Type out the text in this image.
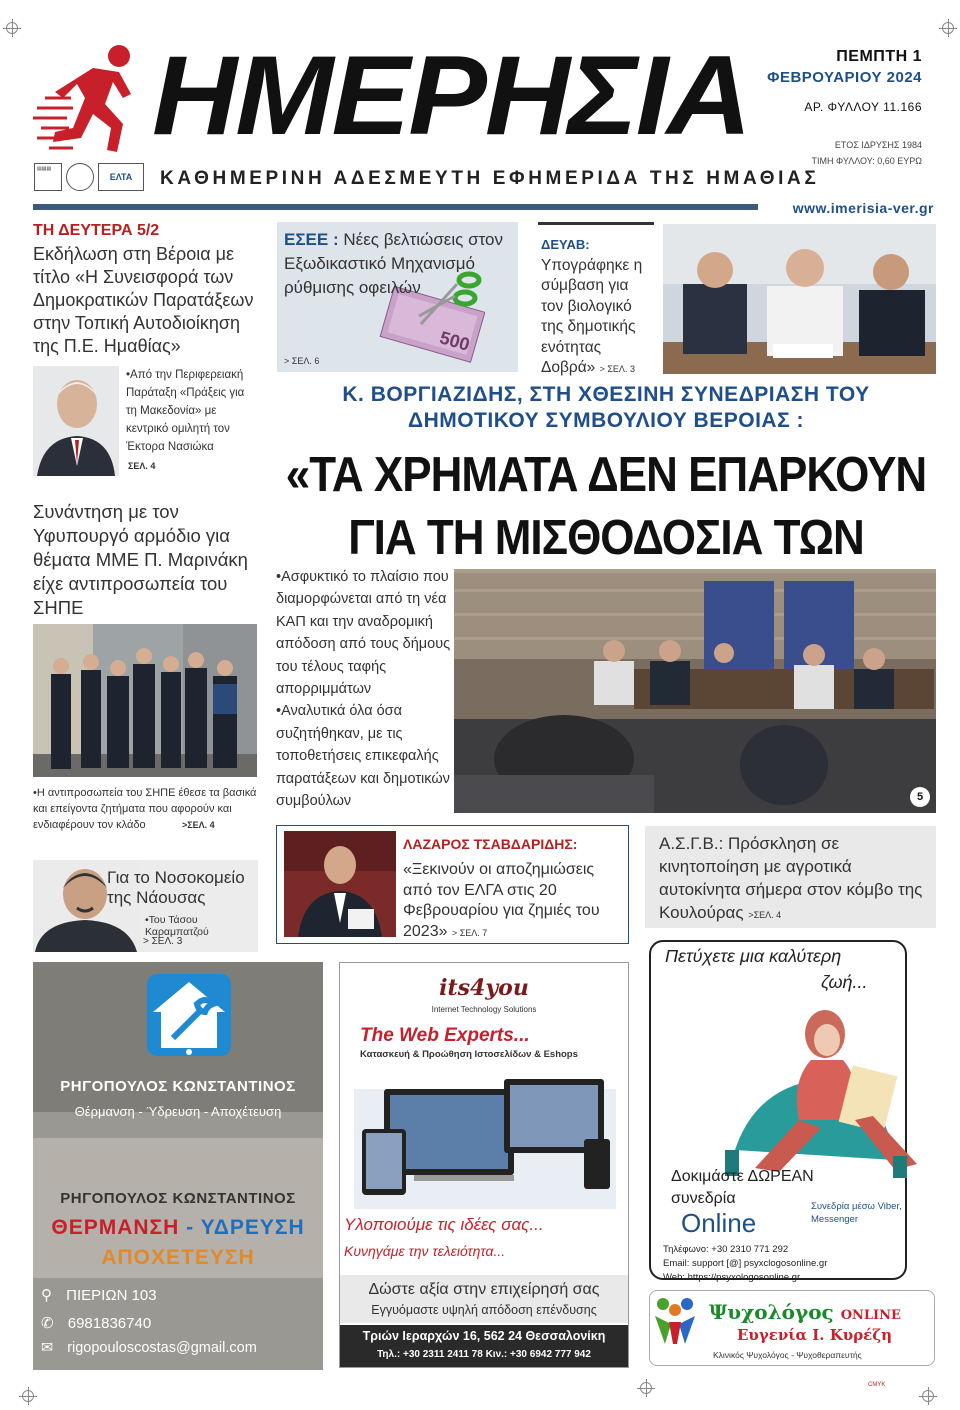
ΗΜΕΡΗΣΙΑ
▤▤▤
ΕΛΤΑ	ΚΑΘΗΜΕΡΙΝΗ ΑΔΕΣΜΕΥΤΗ ΕΦΗΜΕΡΙΔΑ ΤΗΣ ΗΜΑΘΙΑΣ
ΠΕΜΠΤΗ 1
ΦΕΒΡΟΥΑΡΙΟΥ 2024
ΑΡ. ΦΥΛΛΟΥ 11.166
ΕΤΟΣ ΙΔΡΥΣΗΣ 1984
ΤΙΜΗ ΦΥΛΛΟΥ: 0,60 ΕΥΡΩ
www.imerisia-ver.gr
ΤΗ ΔΕΥΤΕΡΑ 5/2
Εκδήλωση στη Βέροια με τίτλο «Η Συνεισφορά των Δημοκρατικών Παρατάξεων στην Τοπική Αυτοδιοίκηση της Π.Ε. Ημαθίας»
•Από την Περιφερειακή Παράταξη «Πράξεις για τη Μακεδονία» με κεντρικό ομιλητή τον Έκτορα Νασιώκα
ΣΕΛ. 4
Συνάντηση με τον Υφυπουργό αρμόδιο για θέματα ΜΜΕ Π. Μαρινάκη είχε αντιπροσωπεία του ΣΗΠΕ
•Η αντιπροσωπεία του ΣΗΠΕ έθεσε τα βασικά και επείγοντα ζητήματα που αφορούν και ενδιαφέρουν τον κλάδο	>ΣΕΛ. 4
Για το Νοσοκομείο της Νάουσας
•Του Τάσου Καραμπατζού
> ΣΕΛ. 3
500
ΕΣΕΕ : Νέες βελτιώσεις στον Εξωδικαστικό Μηχανισμό ρύθμισης οφειλών
> ΣΕΛ. 6
ΔΕΥΑΒ:
Υπογράφηκε η σύμβαση για τον βιολογικό της δημοτικής ενότητας Δοβρά» > ΣΕΛ. 3
Κ. ΒΟΡΓΙΑΖΙΔΗΣ, ΣΤΗ ΧΘΕΣΙΝΗ ΣΥΝΕΔΡΙΑΣΗ ΤΟΥ ΔΗΜΟΤΙΚΟΥ ΣΥΜΒΟΥΛΙΟΥ ΒΕΡΟΙΑΣ :
«ΤΑ ΧΡΗΜΑΤΑ ΔΕΝ ΕΠΑΡΚΟΥΝ ΓΙΑ ΤΗ ΜΙΣΘΟΔΟΣΙΑ ΤΩΝ
•Ασφυκτικό το πλαίσιο που διαμορφώνεται από τη νέα ΚΑΠ και την αναδρομική απόδοση από τους δήμους του τέλους ταφής απορριμμάτων
•Αναλυτικά όλα όσα συζητήθηκαν, με τις τοποθετήσεις επικεφαλής παρατάξεων και δημοτικών συμβούλων	5
ΛΑΖΑΡΟΣ ΤΣΑΒΔΑΡΙΔΗΣ:
«Ξεκινούν οι αποζημιώσεις από τον ΕΛΓΑ στις 20 Φεβρουαρίου για ζημιές του 2023» > ΣΕΛ. 7
Α.Σ.Γ.Β.: Πρόσκληση σε κινητοποίηση με αγροτικά αυτοκίνητα σήμερα στον κόμβο της Κουλούρας >ΣΕΛ. 4
ΡΗΓΟΠΟΥΛΟΣ ΚΩΝΣΤΑΝΤΙΝΟΣ
Θέρμανση - Ύδρευση - Αποχέτευση
ΡΗΓΟΠΟΥΛΟΣ ΚΩΝΣΤΑΝΤΙΝΟΣ
ΘΕΡΜΑΝΣΗ - ΥΔΡΕΥΣΗ
ΑΠΟΧΕΤΕΥΣΗ
⚲ ΠΙΕΡΙΩΝ 103
✆ 6981836740
✉ rigopouloscostas@gmail.com
its4you
Internet Technology Solutions
The Web Experts...
Κατασκευή & Προώθηση Ιστοσελίδων & Eshops
Υλοποιούμε τις ιδέες σας...
Κυνηγάμε την τελειότητα...
Δώστε αξία στην επιχείρησή σας
Εγγυόμαστε υψηλή απόδοση επένδυσης
Τριών Ιεραρχών 16, 562 24 Θεσσαλονίκη
Τηλ.: +30 2311 2411 78 Κιν.: +30 6942 777 942
Πετύχετε μια καλύτερη
ζωή...
Δοκιμάστε ΔΩΡΕΑΝ
συνεδρία
Online
Συνεδρία μέσω Viber, Messenger
Τηλέφωνο: +30 2310 771 292
Email: support [@] psyxclogosonline.gr
Web: https://psyxologosonline.gr
Ψυχολόγος ONLINE
Ευγενία Ι. Κυρέζη
Κλινικός Ψυχολόγος - Ψυχοθεραπευτής
CMYK
